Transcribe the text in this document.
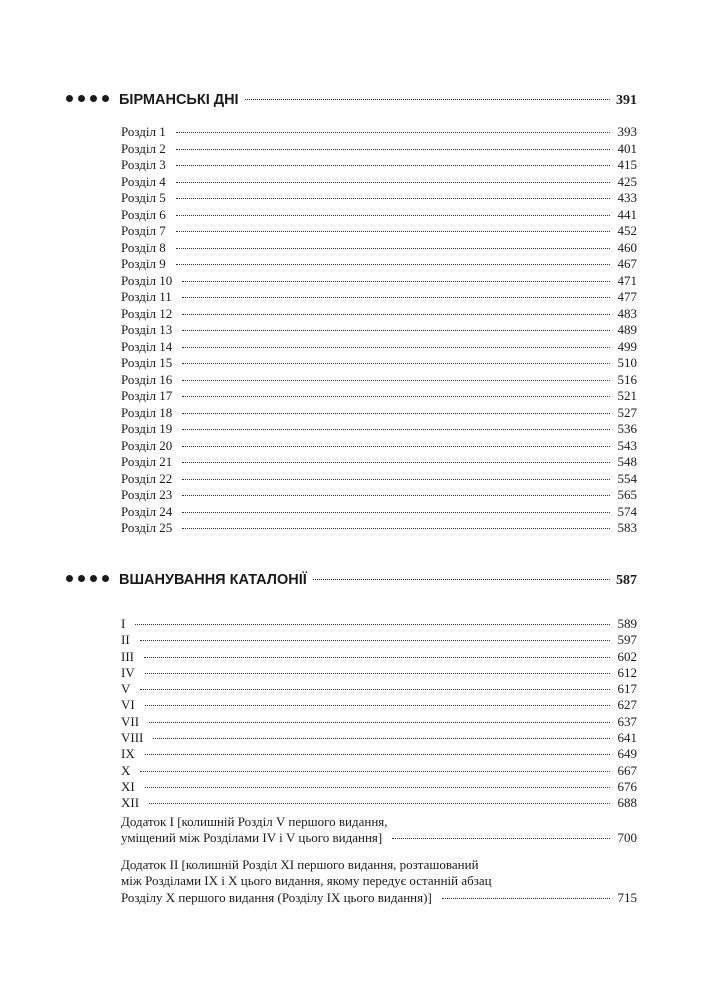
БІРМАНСЬКІ ДНІ	391
Розділ 1	393
Розділ 2	401
Розділ 3	415
Розділ 4	425
Розділ 5	433
Розділ 6	441
Розділ 7	452
Розділ 8	460
Розділ 9	467
Розділ 10	471
Розділ 11	477
Розділ 12	483
Розділ 13	489
Розділ 14	499
Розділ 15	510
Розділ 16	516
Розділ 17	521
Розділ 18	527
Розділ 19	536
Розділ 20	543
Розділ 21	548
Розділ 22	554
Розділ 23	565
Розділ 24	574
Розділ 25	583
ВШАНУВАННЯ КАТАЛОНІЇ	587
I	589
II	597
III	602
IV	612
V	617
VI	627
VII	637
VIII	641
IX	649
X	667
XI	676
XII	688
Додаток I [колишній Розділ V першого видання,
уміщений між Розділами IV і V цього видання]	700
Додаток II [колишній Розділ XI першого видання, розташований
між Розділами IX і X цього видання, якому передує останній абзац
Розділу X першого видання (Розділу IX цього видання)]	715
